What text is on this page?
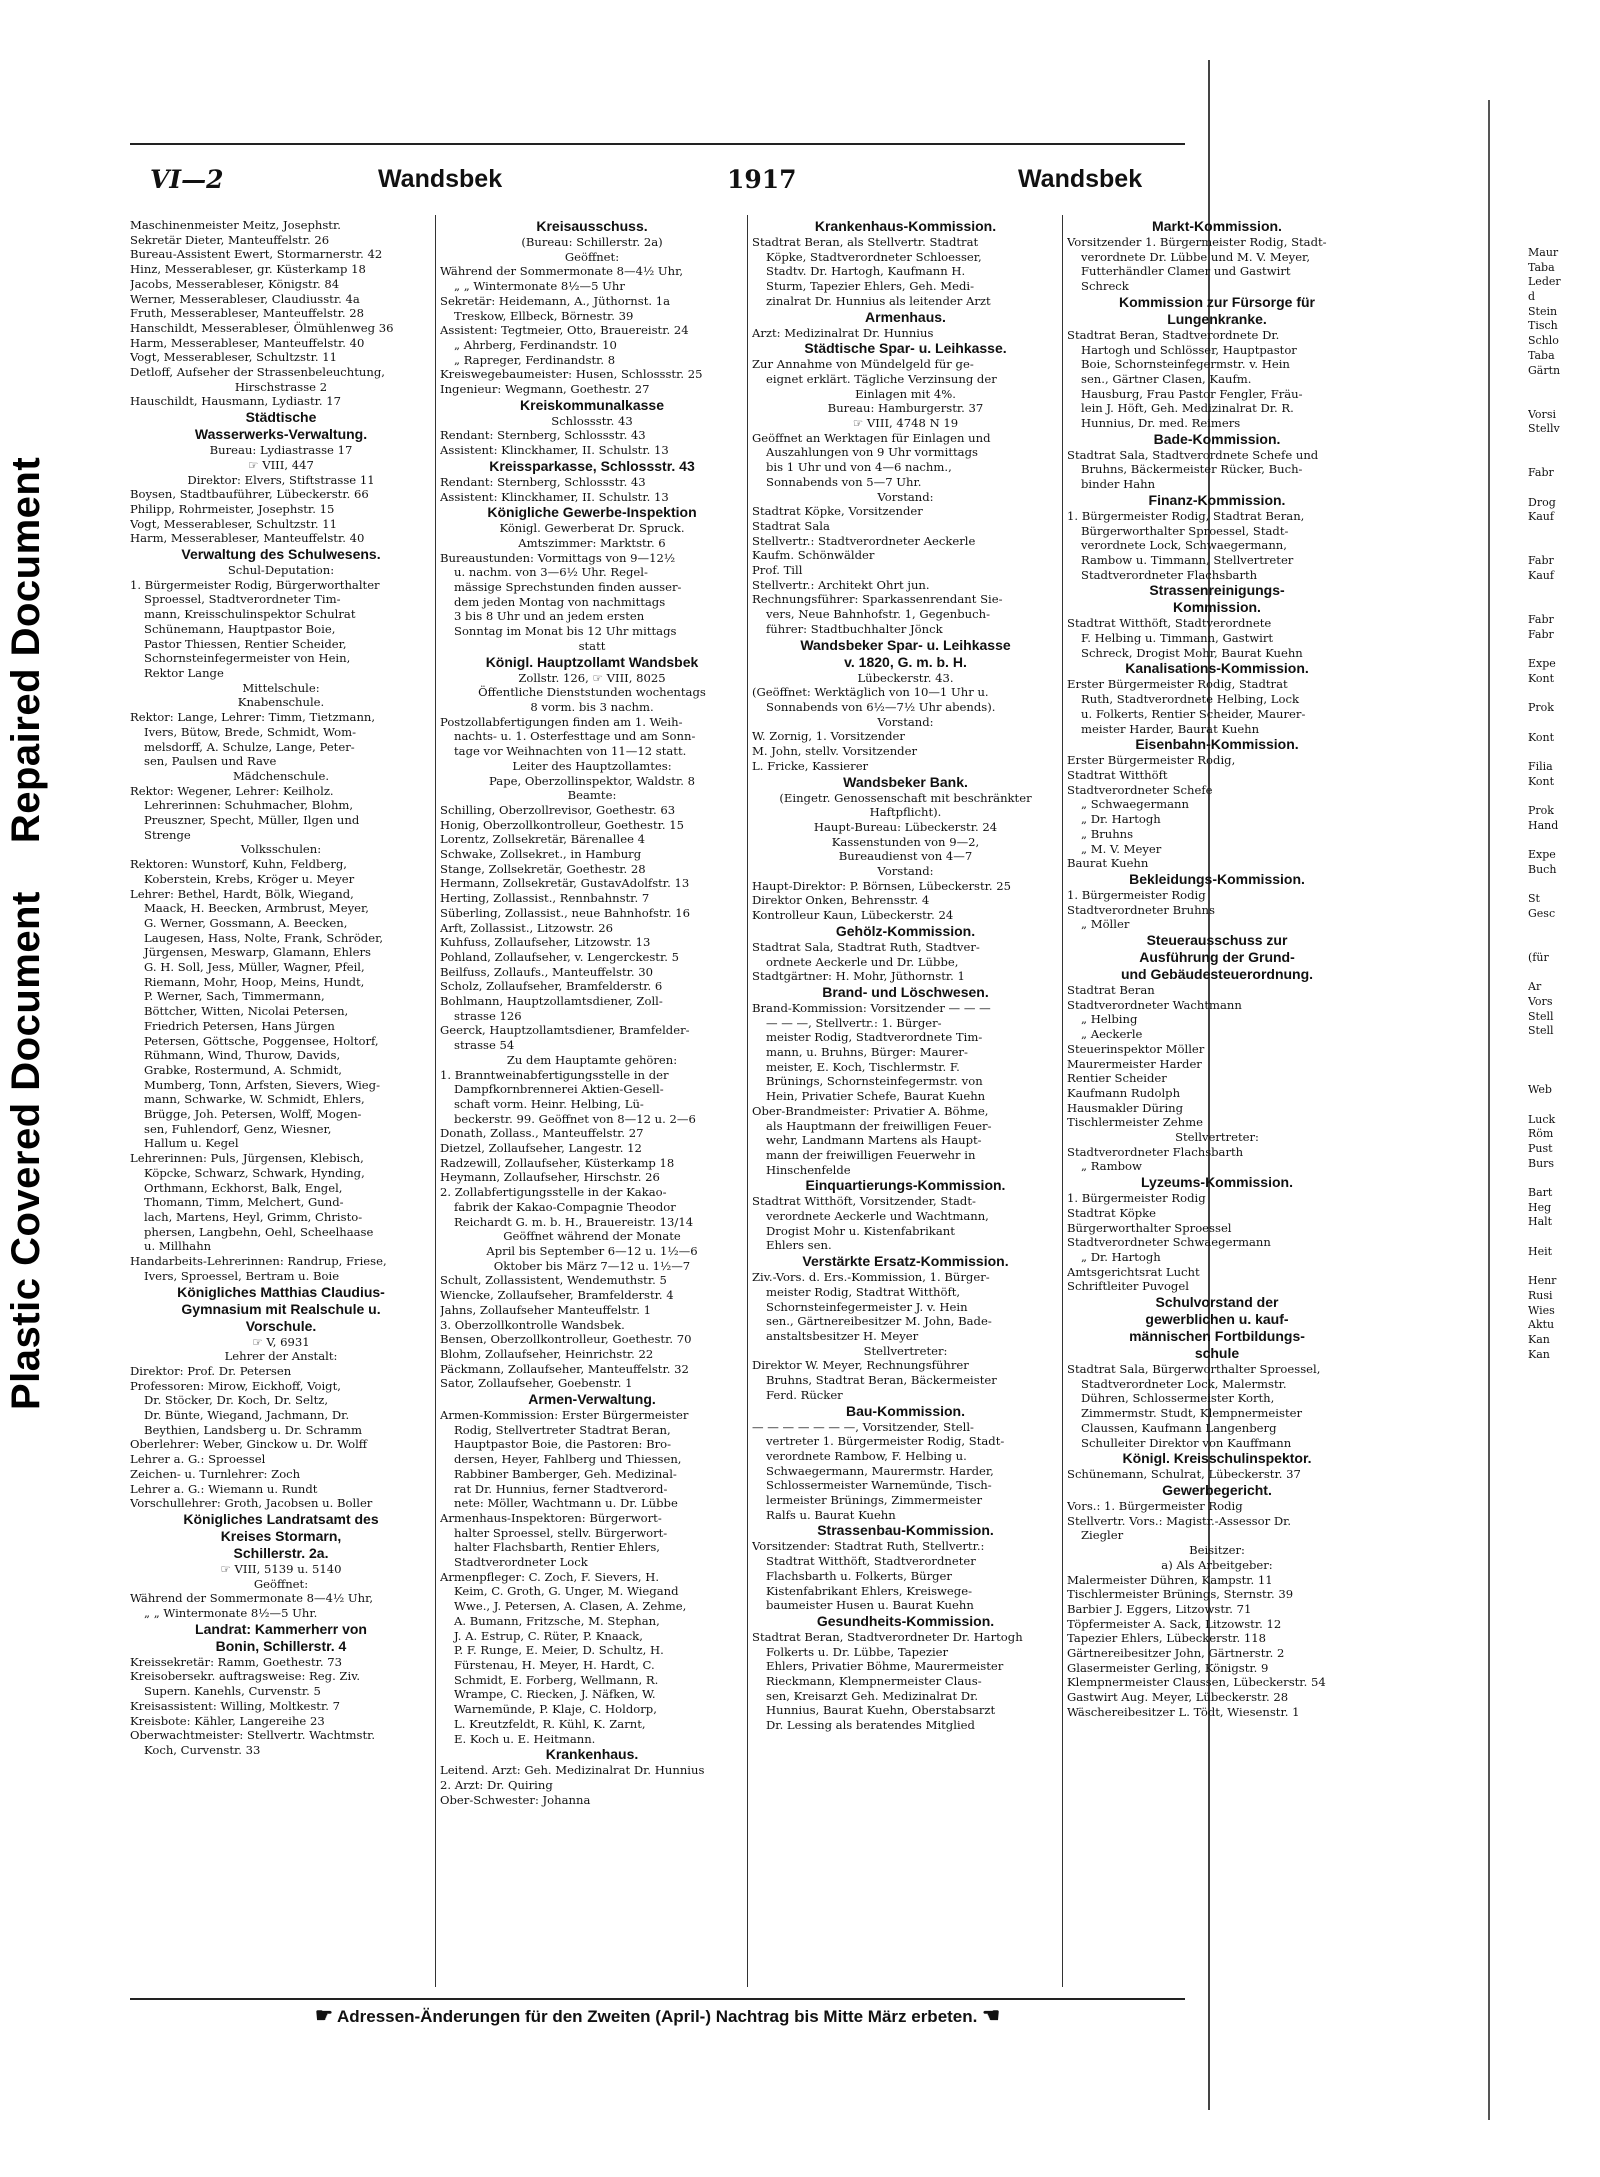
Plastic Covered DocumentRepaired Document
VI—2	Wandsbek	1917	Wandsbek
Maschinenmeister Meitz, Josephstr.
Sekretär Dieter, Manteuffelstr. 26
Bureau-Assistent Ewert, Stormarnerstr. 42
Hinz, Messerableser, gr. Küsterkamp 18
Jacobs, Messerableser, Königstr. 84
Werner, Messerableser, Claudiusstr. 4a
Fruth, Messerableser, Manteuffelstr. 28
Hanschildt, Messerableser, Ölmühlenweg 36
Harm, Messerableser, Manteuffelstr. 40
Vogt, Messerableser, Schultzstr. 11
Detloff, Aufseher der Strassenbeleuchtung,
Hirschstrasse 2
Hauschildt, Hausmann, Lydiastr. 17
Städtische
Wasserwerks-Verwaltung.
Bureau: Lydiastrasse 17
☞ VIII, 447
Direktor: Elvers, Stiftstrasse 11
Boysen, Stadtbauführer, Lübeckerstr. 66
Philipp, Rohrmeister, Josephstr. 15
Vogt, Messerableser, Schultzstr. 11
Harm, Messerableser, Manteuffelstr. 40
Verwaltung des Schulwesens.
Schul-Deputation:
1. Bürgermeister Rodig, Bürgerworthalter
Sproessel, Stadtverordneter Tim-
mann, Kreisschulinspektor Schulrat
Schünemann, Hauptpastor Boie,
Pastor Thiessen, Rentier Scheider,
Schornsteinfegermeister von Hein,
Rektor Lange
Mittelschule:
Knabenschule.
Rektor: Lange, Lehrer: Timm, Tietzmann,
Ivers, Bütow, Brede, Schmidt, Wom-
melsdorff, A. Schulze, Lange, Peter-
sen, Paulsen und Rave
Mädchenschule.
Rektor: Wegener, Lehrer: Keilholz.
Lehrerinnen: Schuhmacher, Blohm,
Preuszner, Specht, Müller, Ilgen und
Strenge
Volksschulen:
Rektoren: Wunstorf, Kuhn, Feldberg,
Koberstein, Krebs, Kröger u. Meyer
Lehrer: Bethel, Hardt, Bölk, Wiegand,
Maack, H. Beecken, Armbrust, Meyer,
G. Werner, Gossmann, A. Beecken,
Laugesen, Hass, Nolte, Frank, Schröder,
Jürgensen, Meswarp, Glamann, Ehlers
G. H. Soll, Jess, Müller, Wagner, Pfeil,
Riemann, Mohr, Hoop, Meins, Hundt,
P. Werner, Sach, Timmermann,
Böttcher, Witten, Nicolai Petersen,
Friedrich Petersen, Hans Jürgen
Petersen, Göttsche, Poggensee, Holtorf,
Rühmann, Wind, Thurow, Davids,
Grabke, Rostermund, A. Schmidt,
Mumberg, Tonn, Arfsten, Sievers, Wieg-
mann, Schwarke, W. Schmidt, Ehlers,
Brügge, Joh. Petersen, Wolff, Mogen-
sen, Fuhlendorf, Genz, Wiesner,
Hallum u. Kegel
Lehrerinnen: Puls, Jürgensen, Klebisch,
Köpcke, Schwarz, Schwark, Hynding,
Orthmann, Eckhorst, Balk, Engel,
Thomann, Timm, Melchert, Gund-
lach, Martens, Heyl, Grimm, Christo-
phersen, Langbehn, Oehl, Scheelhaase
u. Millhahn
Handarbeits-Lehrerinnen: Randrup, Friese,
Ivers, Sproessel, Bertram u. Boie
Königliches Matthias Claudius-
Gymnasium mit Realschule u.
Vorschule.
☞ V, 6931
Lehrer der Anstalt:
Direktor: Prof. Dr. Petersen
Professoren: Mirow, Eickhoff, Voigt,
Dr. Stöcker, Dr. Koch, Dr. Seltz,
Dr. Bünte, Wiegand, Jachmann, Dr.
Beythien, Landsberg u. Dr. Schramm
Oberlehrer: Weber, Ginckow u. Dr. Wolff
Lehrer a. G.: Sproessel
Zeichen- u. Turnlehrer: Zoch
Lehrer a. G.: Wiemann u. Rundt
Vorschullehrer: Groth, Jacobsen u. Boller
Königliches Landratsamt des
Kreises Stormarn,
Schillerstr. 2a.
☞ VIII, 5139 u. 5140
Geöffnet:
Während der Sommermonate 8—4½ Uhr,
„ „ Wintermonate 8½—5 Uhr.
Landrat: Kammerherr von
Bonin, Schillerstr. 4
Kreissekretär: Ramm, Goethestr. 73
Kreisobersekr. auftragsweise: Reg. Ziv.
Supern. Kanehls, Curvenstr. 5
Kreisassistent: Willing, Moltkestr. 7
Kreisbote: Kähler, Langereihe 23
Oberwachtmeister: Stellvertr. Wachtmstr.
Koch, Curvenstr. 33
Kreisausschuss.
(Bureau: Schillerstr. 2a)
Geöffnet:
Während der Sommermonate 8—4½ Uhr,
„ „ Wintermonate 8½—5 Uhr
Sekretär: Heidemann, A., Jüthornst. 1a
Treskow, Ellbeck, Börnestr. 39
Assistent: Tegtmeier, Otto, Brauereistr. 24
„ Ahrberg, Ferdinandstr. 10
„ Rapreger, Ferdinandstr. 8
Kreiswegebaumeister: Husen, Schlossstr. 25
Ingenieur: Wegmann, Goethestr. 27
Kreiskommunalkasse
Schlossstr. 43
Rendant: Sternberg, Schlossstr. 43
Assistent: Klinckhamer, II. Schulstr. 13
Kreissparkasse, Schlossstr. 43
Rendant: Sternberg, Schlossstr. 43
Assistent: Klinckhamer, II. Schulstr. 13
Königliche Gewerbe-Inspektion
Königl. Gewerberat Dr. Spruck.
Amtszimmer: Marktstr. 6
Bureaustunden: Vormittags von 9—12½
u. nachm. von 3—6½ Uhr. Regel-
mässige Sprechstunden finden ausser-
dem jeden Montag von nachmittags
3 bis 8 Uhr und an jedem ersten
Sonntag im Monat bis 12 Uhr mittags
statt
Königl. Hauptzollamt Wandsbek
Zollstr. 126, ☞ VIII, 8025
Öffentliche Dienststunden wochentags
8 vorm. bis 3 nachm.
Postzollabfertigungen finden am 1. Weih-
nachts- u. 1. Osterfesttage und am Sonn-
tage vor Weihnachten von 11—12 statt.
Leiter des Hauptzollamtes:
Pape, Oberzollinspektor, Waldstr. 8
Beamte:
Schilling, Oberzollrevisor, Goethestr. 63
Honig, Oberzollkontrolleur, Goethestr. 15
Lorentz, Zollsekretär, Bärenallee 4
Schwake, Zollsekret., in Hamburg
Stange, Zollsekretär, Goethestr. 28
Hermann, Zollsekretär, GustavAdolfstr. 13
Herting, Zollassist., Rennbahnstr. 7
Süberling, Zollassist., neue Bahnhofstr. 16
Arft, Zollassist., Litzowstr. 26
Kuhfuss, Zollaufseher, Litzowstr. 13
Pohland, Zollaufseher, v. Lengerckestr. 5
Beilfuss, Zollaufs., Manteuffelstr. 30
Scholz, Zollaufseher, Bramfelderstr. 6
Bohlmann, Hauptzollamtsdiener, Zoll-
strasse 126
Geerck, Hauptzollamtsdiener, Bramfelder-
strasse 54
Zu dem Hauptamte gehören:
1. Branntweinabfertigungsstelle in der
Dampfkornbrennerei Aktien-Gesell-
schaft vorm. Heinr. Helbing, Lü-
beckerstr. 99. Geöffnet von 8—12 u. 2—6
Donath, Zollass., Manteuffelstr. 27
Dietzel, Zollaufseher, Langestr. 12
Radzewill, Zollaufseher, Küsterkamp 18
Heymann, Zollaufseher, Hirschstr. 26
2. Zollabfertigungsstelle in der Kakao-
fabrik der Kakao-Compagnie Theodor
Reichardt G. m. b. H., Brauereistr. 13/14
Geöffnet während der Monate
April bis September 6—12 u. 1½—6
Oktober bis März 7—12 u. 1½—7
Schult, Zollassistent, Wendemuthstr. 5
Wiencke, Zollaufseher, Bramfelderstr. 4
Jahns, Zollaufseher Manteuffelstr. 1
3. Oberzollkontrolle Wandsbek.
Bensen, Oberzollkontrolleur, Goethestr. 70
Blohm, Zollaufseher, Heinrichstr. 22
Päckmann, Zollaufseher, Manteuffelstr. 32
Sator, Zollaufseher, Goebenstr. 1
Armen-Verwaltung.
Armen-Kommission: Erster Bürgermeister
Rodig, Stellvertreter Stadtrat Beran,
Hauptpastor Boie, die Pastoren: Bro-
dersen, Heyer, Fahlberg und Thiessen,
Rabbiner Bamberger, Geh. Medizinal-
rat Dr. Hunnius, ferner Stadtverord-
nete: Möller, Wachtmann u. Dr. Lübbe
Armenhaus-Inspektoren: Bürgerwort-
halter Sproessel, stellv. Bürgerwort-
halter Flachsbarth, Rentier Ehlers,
Stadtverordneter Lock
Armenpfleger: C. Zoch, F. Sievers, H.
Keim, C. Groth, G. Unger, M. Wiegand
Wwe., J. Petersen, A. Clasen, A. Zehme,
A. Bumann, Fritzsche, M. Stephan,
J. A. Estrup, C. Rüter, P. Knaack,
P. F. Runge, E. Meier, D. Schultz, H.
Fürstenau, H. Meyer, H. Hardt, C.
Schmidt, E. Forberg, Wellmann, R.
Wrampe, C. Riecken, J. Näfken, W.
Warnemünde, P. Klaje, C. Holdorp,
L. Kreutzfeldt, R. Kühl, K. Zarnt,
E. Koch u. E. Heitmann.
Krankenhaus.
Leitend. Arzt: Geh. Medizinalrat Dr. Hunnius
2. Arzt: Dr. Quiring
Ober-Schwester: Johanna
Krankenhaus-Kommission.
Stadtrat Beran, als Stellvertr. Stadtrat
Köpke, Stadtverordneter Schloesser,
Stadtv. Dr. Hartogh, Kaufmann H.
Sturm, Tapezier Ehlers, Geh. Medi-
zinalrat Dr. Hunnius als leitender Arzt
Armenhaus.
Arzt: Medizinalrat Dr. Hunnius
Städtische Spar- u. Leihkasse.
Zur Annahme von Mündelgeld für ge-
eignet erklärt. Tägliche Verzinsung der
Einlagen mit 4%.
Bureau: Hamburgerstr. 37
☞ VIII, 4748 N 19
Geöffnet an Werktagen für Einlagen und
Auszahlungen von 9 Uhr vormittags
bis 1 Uhr und von 4—6 nachm.,
Sonnabends von 5—7 Uhr.
Vorstand:
Stadtrat Köpke, Vorsitzender
Stadtrat Sala
Stellvertr.: Stadtverordneter Aeckerle
Kaufm. Schönwälder
Prof. Till
Stellvertr.: Architekt Ohrt jun.
Rechnungsführer: Sparkassenrendant Sie-
vers, Neue Bahnhofstr. 1, Gegenbuch-
führer: Stadtbuchhalter Jönck
Wandsbeker Spar- u. Leihkasse
v. 1820, G. m. b. H.
Lübeckerstr. 43.
(Geöffnet: Werktäglich von 10—1 Uhr u.
Sonnabends von 6½—7½ Uhr abends).
Vorstand:
W. Zornig, 1. Vorsitzender
M. John, stellv. Vorsitzender
L. Fricke, Kassierer
Wandsbeker Bank.
(Eingetr. Genossenschaft mit beschränkter
Haftpflicht).
Haupt-Bureau: Lübeckerstr. 24
Kassenstunden von 9—2,
Bureaudienst von 4—7
Vorstand:
Haupt-Direktor: P. Börnsen, Lübeckerstr. 25
Direktor Onken, Behrensstr. 4
Kontrolleur Kaun, Lübeckerstr. 24
Gehölz-Kommission.
Stadtrat Sala, Stadtrat Ruth, Stadtver-
ordnete Aeckerle und Dr. Lübbe,
Stadtgärtner: H. Mohr, Jüthornstr. 1
Brand- und Löschwesen.
Brand-Kommission: Vorsitzender — — —
— — —, Stellvertr.: 1. Bürger-
meister Rodig, Stadtverordnete Tim-
mann, u. Bruhns, Bürger: Maurer-
meister, E. Koch, Tischlermstr. F.
Brünings, Schornsteinfegermstr. von
Hein, Privatier Schefe, Baurat Kuehn
Ober-Brandmeister: Privatier A. Böhme,
als Hauptmann der freiwilligen Feuer-
wehr, Landmann Martens als Haupt-
mann der freiwilligen Feuerwehr in
Hinschenfelde
Einquartierungs-Kommission.
Stadtrat Witthöft, Vorsitzender, Stadt-
verordnete Aeckerle und Wachtmann,
Drogist Mohr u. Kistenfabrikant
Ehlers sen.
Verstärkte Ersatz-Kommission.
Ziv.-Vors. d. Ers.-Kommission, 1. Bürger-
meister Rodig, Stadtrat Witthöft,
Schornsteinfegermeister J. v. Hein
sen., Gärtnereibesitzer M. John, Bade-
anstaltsbesitzer H. Meyer
Stellvertreter:
Direktor W. Meyer, Rechnungsführer
Bruhns, Stadtrat Beran, Bäckermeister
Ferd. Rücker
Bau-Kommission.
— — — — — — —, Vorsitzender, Stell-
vertreter 1. Bürgermeister Rodig, Stadt-
verordnete Rambow, F. Helbing u.
Schwaegermann, Maurermstr. Harder,
Schlossermeister Warnemünde, Tisch-
lermeister Brünings, Zimmermeister
Ralfs u. Baurat Kuehn
Strassenbau-Kommission.
Vorsitzender: Stadtrat Ruth, Stellvertr.:
Stadtrat Witthöft, Stadtverordneter
Flachsbarth u. Folkerts, Bürger
Kistenfabrikant Ehlers, Kreiswege-
baumeister Husen u. Baurat Kuehn
Gesundheits-Kommission.
Stadtrat Beran, Stadtverordneter Dr. Hartogh
Folkerts u. Dr. Lübbe, Tapezier
Ehlers, Privatier Böhme, Maurermeister
Rieckmann, Klempnermeister Claus-
sen, Kreisarzt Geh. Medizinalrat Dr.
Hunnius, Baurat Kuehn, Oberstabsarzt
Dr. Lessing als beratendes Mitglied
Markt-Kommission.
Vorsitzender 1. Bürgermeister Rodig, Stadt-
verordnete Dr. Lübbe und M. V. Meyer,
Futterhändler Clamer und Gastwirt
Schreck
Kommission zur Fürsorge für
Lungenkranke.
Stadtrat Beran, Stadtverordnete Dr.
Hartogh und Schlösser, Hauptpastor
Boie, Schornsteinfegermstr. v. Hein
sen., Gärtner Clasen, Kaufm.
Hausburg, Frau Pastor Fengler, Fräu-
lein J. Höft, Geh. Medizinalrat Dr. R.
Hunnius, Dr. med. Reimers
Bade-Kommission.
Stadtrat Sala, Stadtverordnete Schefe und
Bruhns, Bäckermeister Rücker, Buch-
binder Hahn
Finanz-Kommission.
1. Bürgermeister Rodig, Stadtrat Beran,
Bürgerworthalter Sproessel, Stadt-
verordnete Lock, Schwaegermann,
Rambow u. Timmann, Stellvertreter
Stadtverordneter Flachsbarth
Strassenreinigungs-
Kommission.
Stadtrat Witthöft, Stadtverordnete
F. Helbing u. Timmann, Gastwirt
Schreck, Drogist Mohr, Baurat Kuehn
Kanalisations-Kommission.
Erster Bürgermeister Rodig, Stadtrat
Ruth, Stadtverordnete Helbing, Lock
u. Folkerts, Rentier Scheider, Maurer-
meister Harder, Baurat Kuehn
Eisenbahn-Kommission.
Erster Bürgermeister Rodig,
Stadtrat Witthöft
Stadtverordneter Schefe
„ Schwaegermann
„ Dr. Hartogh
„ Bruhns
„ M. V. Meyer
Baurat Kuehn
Bekleidungs-Kommission.
1. Bürgermeister Rodig
Stadtverordneter Bruhns
„ Möller
Steuerausschuss zur
Ausführung der Grund-
und Gebäudesteuerordnung.
Stadtrat Beran
Stadtverordneter Wachtmann
„ Helbing
„ Aeckerle
Steuerinspektor Möller
Maurermeister Harder
Rentier Scheider
Kaufmann Rudolph
Hausmakler Düring
Tischlermeister Zehme
Stellvertreter:
Stadtverordneter Flachsbarth
„ Rambow
Lyzeums-Kommission.
1. Bürgermeister Rodig
Stadtrat Köpke
Bürgerworthalter Sproessel
Stadtverordneter Schwaegermann
„ Dr. Hartogh
Amtsgerichtsrat Lucht
Schriftleiter Puvogel
Schulvorstand der
gewerblichen u. kauf-
männischen Fortbildungs-
schule
Stadtrat Sala, Bürgerworthalter Sproessel,
Stadtverordneter Lock, Malermstr.
Dühren, Schlossermeister Korth,
Zimmermstr. Studt, Klempnermeister
Claussen, Kaufmann Langenberg
Schulleiter Direktor von Kauffmann
Königl. Kreisschulinspektor.
Schünemann, Schulrat, Lübeckerstr. 37
Gewerbegericht.
Vors.: 1. Bürgermeister Rodig
Stellvertr. Vors.: Magistr.-Assessor Dr.
Ziegler
Beisitzer:
a) Als Arbeitgeber:
Malermeister Dühren, Kampstr. 11
Tischlermeister Brünings, Sternstr. 39
Barbier J. Eggers, Litzowstr. 71
Töpfermeister A. Sack, Litzowstr. 12
Tapezier Ehlers, Lübeckerstr. 118
Gärtnereibesitzer John, Gärtnerstr. 2
Glasermeister Gerling, Königstr. 9
Klempnermeister Claussen, Lübeckerstr. 54
Gastwirt Aug. Meyer, Lübeckerstr. 28
Wäschereibesitzer L. Tödt, Wiesenstr. 1
☛ Adressen-Änderungen für den Zweiten (April-) Nachtrag bis Mitte März erbeten. ☚
Maur
Taba
Leder
d
Stein
Tisch
Schlo
Taba
Gärtn
Vorsi
Stellv
Fabr
Drog
Kauf
Fabr
Kauf
Fabr
Fabr
Expe
Kont
Prok
Kont
Filia
Kont
Prok
Hand
Expe
Buch
St
Gesc
(für
Ar
Vors
Stell
Stell
Web
Luck
Röm
Pust
Burs
Bart
Heg
Halt
Heit
Henr
Rusi
Wies
Aktu
Kan
Kan
